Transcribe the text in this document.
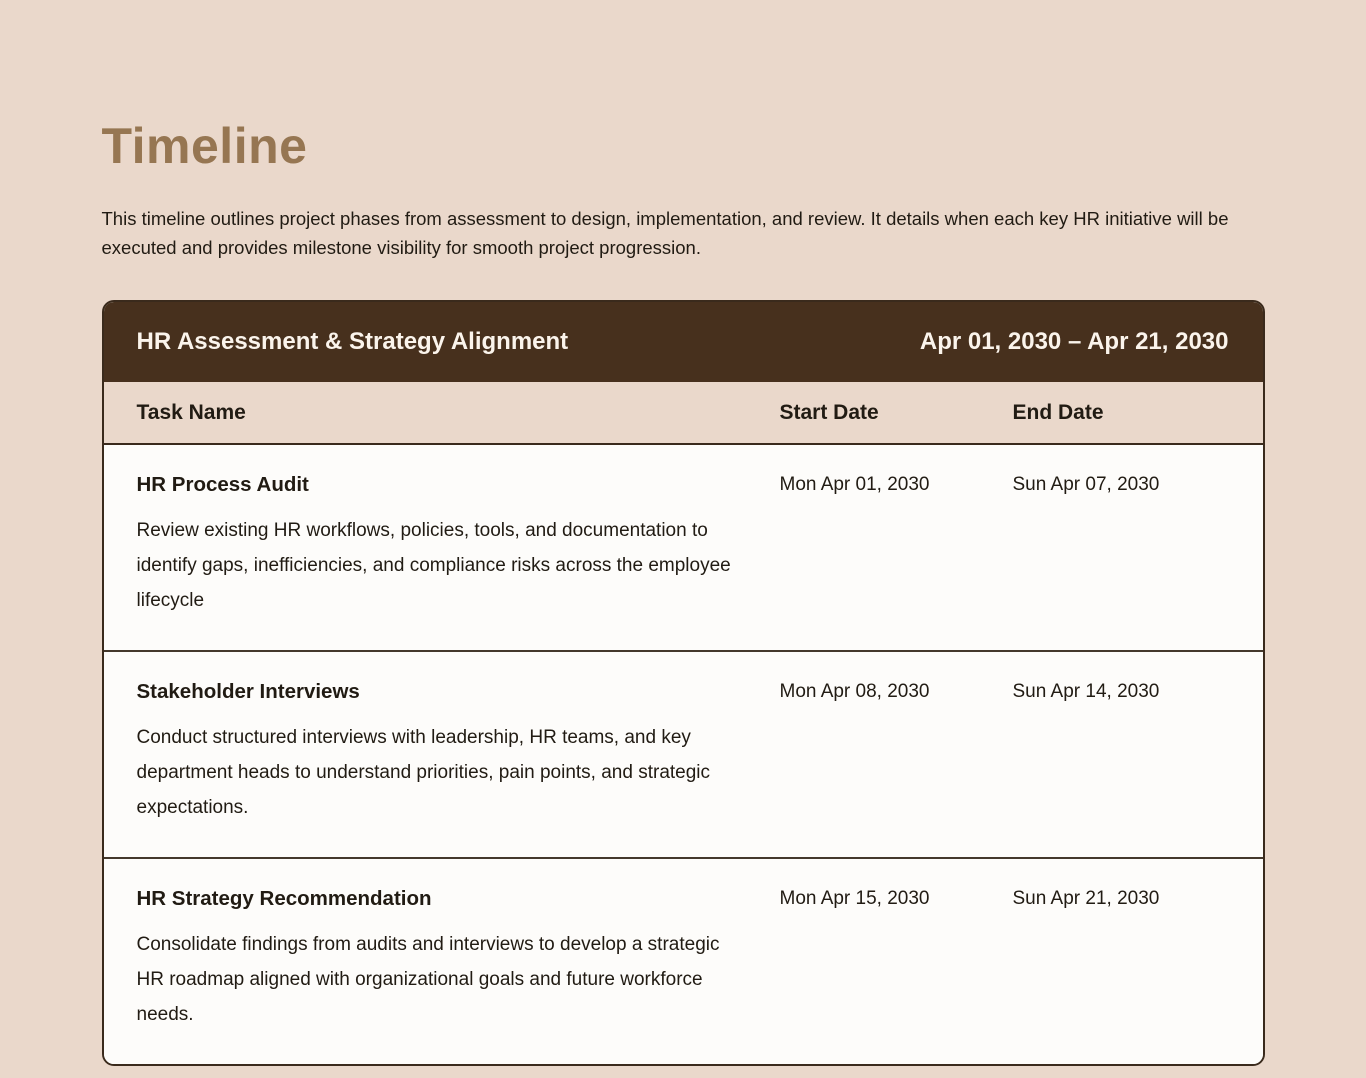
Timeline

This timeline outlines project phases from assessment to design, implementation, and review. It details when each key HR initiative will be executed and provides milestone visibility for smooth project progression.

HR Assessment & Strategy Alignment	Apr 01, 2030 – Apr 21, 2030
Task Name	Start Date	End Date
HR Process Audit
Review existing HR workflows, policies, tools, and documentation to identify gaps, inefficiencies, and compliance risks across the employee lifecycle
Mon Apr 01, 2030	Sun Apr 07, 2030
Stakeholder Interviews
Conduct structured interviews with leadership, HR teams, and key department heads to understand priorities, pain points, and strategic expectations.
Mon Apr 08, 2030	Sun Apr 14, 2030
HR Strategy Recommendation
Consolidate findings from audits and interviews to develop a strategic HR roadmap aligned with organizational goals and future workforce needs.
Mon Apr 15, 2030	Sun Apr 21, 2030
